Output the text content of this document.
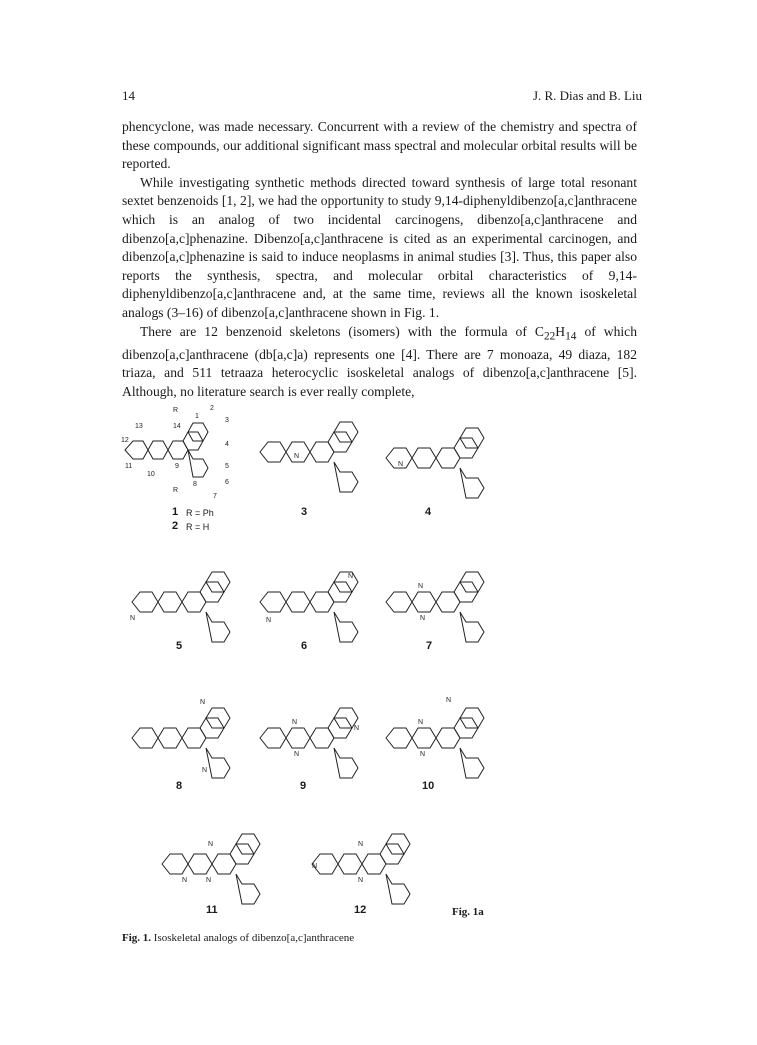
14	J. R. Dias and B. Liu

phencyclone, was made necessary. Concurrent with a review of the chemistry and spectra of these compounds, our additional significant mass spectral and molecular orbital results will be reported.

While investigating synthetic methods directed toward synthesis of large total resonant sextet benzenoids [1, 2], we had the opportunity to study 9,14-diphenyldibenzo[a,c]anthracene which is an analog of two incidental carcinogens, dibenzo[a,c]anthracene and dibenzo[a,c]phenazine. Dibenzo[a,c]anthracene is cited as an experimental carcinogen, and dibenzo[a,c]phenazine is said to induce neoplasms in animal studies [3]. Thus, this paper also reports the synthesis, spectra, and molecular orbital characteristics of 9,14-diphenyldibenzo[a,c]anthracene and, at the same time, reviews all the known isoskeletal analogs (3–16) of dibenzo[a,c]anthracene shown in Fig. 1.

There are 12 benzenoid skeletons (isomers) with the formula of $C_{22}H_{14}$ of which dibenzo[a,c]anthracene (db[a,c]a) represents one [4]. There are 7 monoaza, 49 diaza, 182 triaza, and 511 tetraaza heterocyclic isoskeletal analogs of dibenzo[a,c]anthracene [5]. Although, no literature search is ever really complete,

2
3
1
4
5
6
7
8
9
10
11
12
13	14
R
R
1 R = Ph
2 R = H
N
3
N
4
N
5
N
N
6
N
N
7
N
N
8
N
N
N
9
N
N
N
10
N
N	N
11
N
N
N
12	Fig. 1a
Fig. 1. Isoskeletal analogs of dibenzo[a,c]anthracene
